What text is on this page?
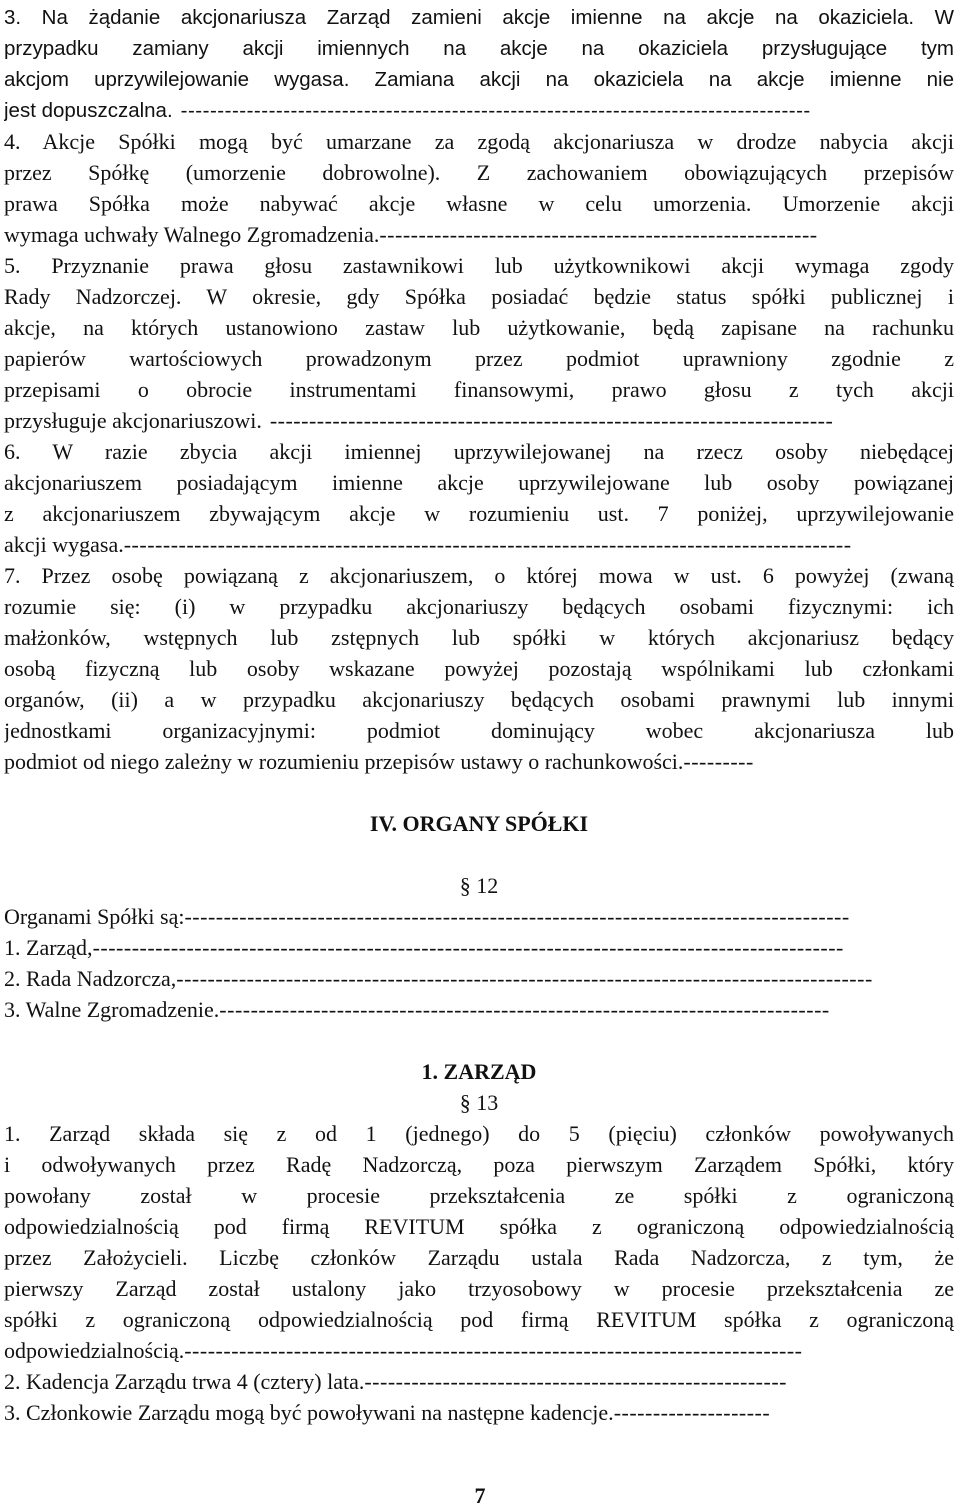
3. Na żądanie akcjonariusza Zarząd zamieni akcje imienne na akcje na okaziciela. W
przypadku zamiany akcji imiennych na akcje na okaziciela przysługujące tym
akcjom uprzywilejowanie wygasa. Zamiana akcji na okaziciela na akcje imienne nie
jest dopuszczalna. --------------------------------------------------------------------------------------
4. Akcje Spółki mogą być umarzane za zgodą akcjonariusza w drodze nabycia akcji
przez Spółkę (umorzenie dobrowolne). Z zachowaniem obowiązujących przepisów
prawa Spółka może nabywać akcje własne w celu umorzenia. Umorzenie akcji
wymaga uchwały Walnego Zgromadzenia. --------------------------------------------------------
5. Przyznanie prawa głosu zastawnikowi lub użytkownikowi akcji wymaga zgody
Rady Nadzorczej. W okresie, gdy Spółka posiadać będzie status spółki publicznej i
akcje, na których ustanowiono zastaw lub użytkowanie, będą zapisane na rachunku
papierów wartościowych prowadzonym przez podmiot uprawniony zgodnie z
przepisami o obrocie instrumentami finansowymi, prawo głosu z tych akcji
przysługuje akcjonariuszowi. ------------------------------------------------------------------------
6. W razie zbycia akcji imiennej uprzywilejowanej na rzecz osoby niebędącej
akcjonariuszem posiadającym imienne akcje uprzywilejowane lub osoby powiązanej
z akcjonariuszem zbywającym akcje w rozumieniu ust. 7 poniżej, uprzywilejowanie
akcji wygasa. ---------------------------------------------------------------------------------------------
7. Przez osobę powiązaną z akcjonariuszem, o której mowa w ust. 6 powyżej (zwaną
rozumie się: (i) w przypadku akcjonariuszy będących osobami fizycznymi: ich
małżonków, wstępnych lub zstępnych lub spółki w których akcjonariusz będący
osobą fizyczną lub osoby wskazane powyżej pozostają wspólnikami lub członkami
organów, (ii) a w przypadku akcjonariuszy będących osobami prawnymi lub innymi
jednostkami organizacyjnymi: podmiot dominujący wobec akcjonariusza lub
podmiot od niego zależny w rozumieniu przepisów ustawy o rachunkowości. ---------
IV. ORGANY SPÓŁKI
§ 12
Organami Spółki są: -------------------------------------------------------------------------------------
1. Zarząd, ------------------------------------------------------------------------------------------------
2. Rada Nadzorcza, -----------------------------------------------------------------------------------------
3. Walne Zgromadzenie. ------------------------------------------------------------------------------
1. ZARZĄD
§ 13
1. Zarząd składa się z od 1 (jednego) do 5 (pięciu) członków powoływanych
i odwoływanych przez Radę Nadzorczą, poza pierwszym Zarządem Spółki, który
powołany został w procesie przekształcenia ze spółki z ograniczoną
odpowiedzialnością pod firmą REVITUM spółka z ograniczoną odpowiedzialnością
przez Założycieli. Liczbę członków Zarządu ustala Rada Nadzorcza, z tym, że
pierwszy Zarząd został ustalony jako trzyosobowy w procesie przekształcenia ze
spółki z ograniczoną odpowiedzialnością pod firmą REVITUM spółka z ograniczoną
odpowiedzialnością. -------------------------------------------------------------------------------
2. Kadencja Zarządu trwa 4 (cztery) lata. ------------------------------------------------------
3. Członkowie Zarządu mogą być powoływani na następne kadencje. --------------------
7
